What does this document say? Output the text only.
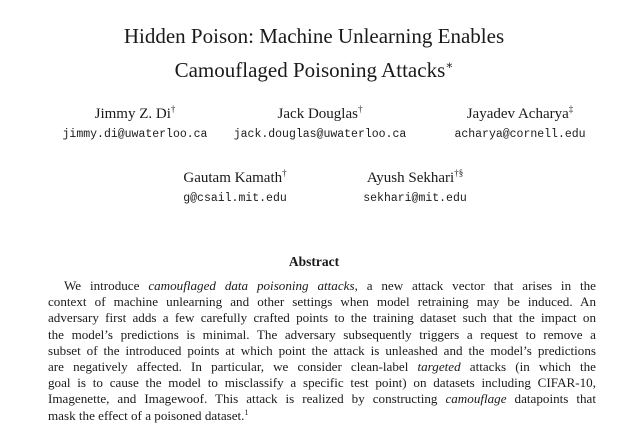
Hidden Poison: Machine Unlearning Enables
Camouflaged Poisoning Attacks∗
Jimmy Z. Di†
jimmy.di@uwaterloo.ca
Jack Douglas†
jack.douglas@uwaterloo.ca
Jayadev Acharya‡
acharya@cornell.edu
Gautam Kamath†
g@csail.mit.edu
Ayush Sekhari†§
sekhari@mit.edu
Abstract
We introduce camouflaged data poisoning attacks, a new attack vector that arises in the
context of machine unlearning and other settings when model retraining may be induced. An
adversary first adds a few carefully crafted points to the training dataset such that the impact on
the model’s predictions is minimal. The adversary subsequently triggers a request to remove a
subset of the introduced points at which point the attack is unleashed and the model’s predictions
are negatively affected. In particular, we consider clean-label targeted attacks (in which the
goal is to cause the model to misclassify a specific test point) on datasets including CIFAR-10,
Imagenette, and Imagewoof. This attack is realized by constructing camouflage datapoints that
mask the effect of a poisoned dataset.$^1$
